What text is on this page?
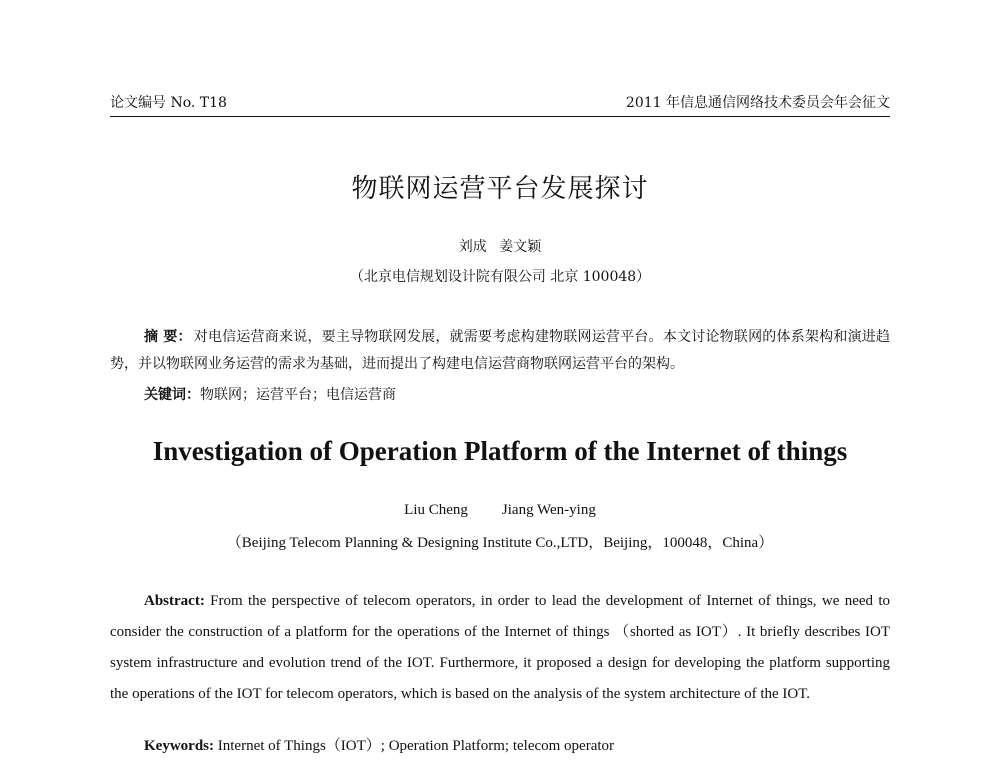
论文编号 No. T18	2011 年信息通信网络技术委员会年会征文
物联网运营平台发展探讨
刘成 姜文颖
（北京电信规划设计院有限公司 北京 100048）
摘 要： 对电信运营商来说，要主导物联网发展，就需要考虑构建物联网运营平台。本文讨论物联网的体系架构和演进趋势，并以物联网业务运营的需求为基础，进而提出了构建电信运营商物联网运营平台的架构。
关键词：物联网；运营平台；电信运营商
Investigation of Operation Platform of the Internet of things
Liu Cheng Jiang Wen-ying
（Beijing Telecom Planning & Designing Institute Co.,LTD，Beijing，100048，China）
Abstract: From the perspective of telecom operators, in order to lead the development of Internet of things, we need to consider the construction of a platform for the operations of the Internet of things （shorted as IOT）. It briefly describes IOT system infrastructure and evolution trend of the IOT. Furthermore, it proposed a design for developing the platform supporting the operations of the IOT for telecom operators, which is based on the analysis of the system architecture of the IOT.
Keywords: Internet of Things（IOT）; Operation Platform; telecom operator
